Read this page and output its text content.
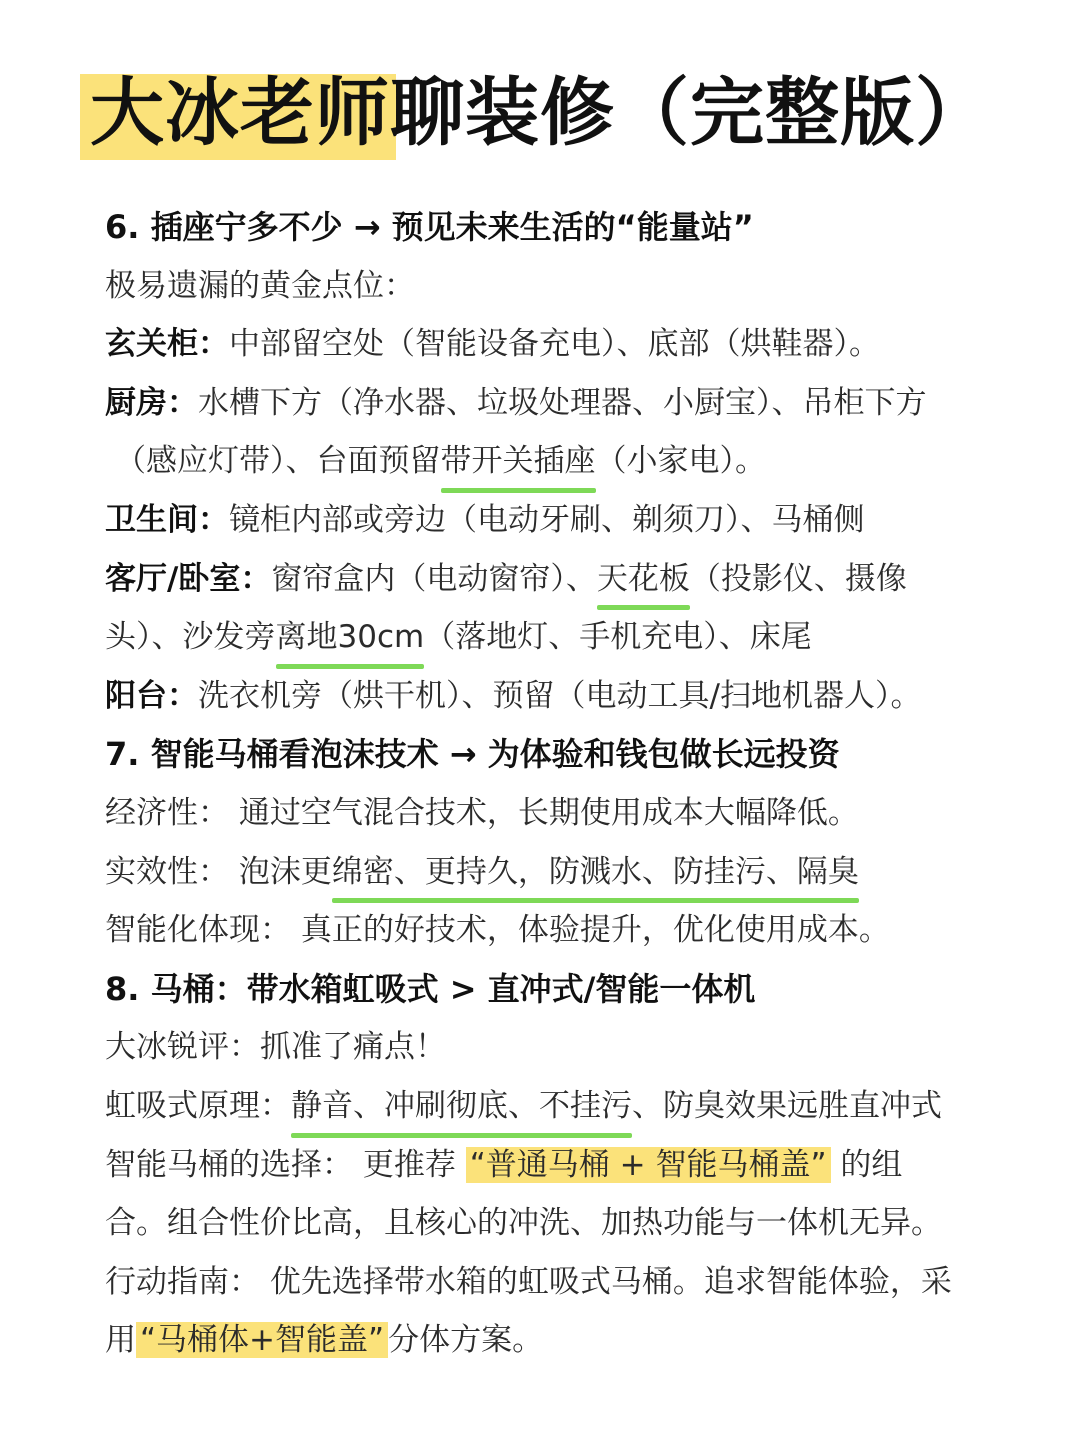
大冰老师聊装修（完整版）
6. 插座宁多不少 → 预见未来生活的“能量站”
极易遗漏的黄金点位：
玄关柜：中部留空处（智能设备充电）、底部（烘鞋器）。
厨房：水槽下方（净水器、垃圾处理器、小厨宝）、吊柜下方
（感应灯带）、台面预留带开关插座（小家电）。
卫生间：镜柜内部或旁边（电动牙刷、剃须刀）、马桶侧
客厅/卧室：窗帘盒内（电动窗帘）、天花板（投影仪、摄像
头）、沙发旁离地30cm（落地灯、手机充电）、床尾
阳台：洗衣机旁（烘干机）、预留（电动工具/扫地机器人）。
7. 智能马桶看泡沫技术 → 为体验和钱包做长远投资
经济性： 通过空气混合技术，长期使用成本大幅降低。
实效性： 泡沫更绵密、更持久，防溅水、防挂污、隔臭
智能化体现： 真正的好技术，体验提升，优化使用成本。
8. 马桶：带水箱虹吸式 > 直冲式/智能一体机
大冰锐评：抓准了痛点！
虹吸式原理：静音、冲刷彻底、不挂污、防臭效果远胜直冲式
智能马桶的选择： 更推荐 “普通马桶 + 智能马桶盖” 的组
合。组合性价比高，且核心的冲洗、加热功能与一体机无异。
行动指南： 优先选择带水箱的虹吸式马桶。追求智能体验，采
用 “马桶体+智能盖” 分体方案。
